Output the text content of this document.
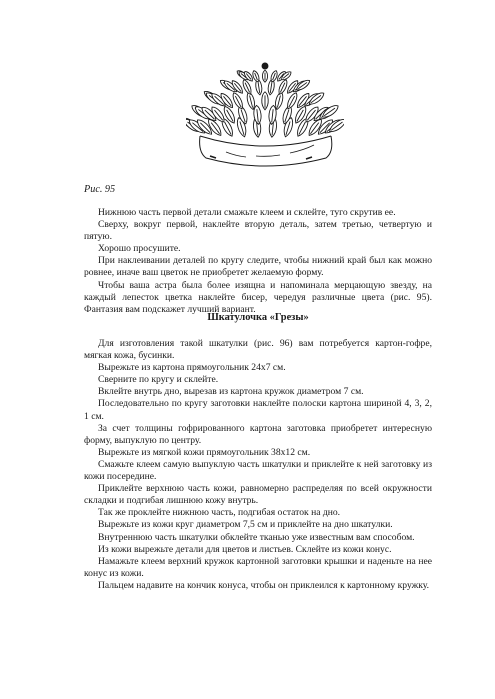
Рис. 95

Нижнюю часть первой детали смажьте клеем и склейте, туго скрутив ее.

Сверху, вокруг первой, наклейте вторую деталь, затем третью, четвертую и пятую.

Хорошо просушите.

При наклеивании деталей по кругу следите, чтобы нижний край был как можно ровнее, иначе ваш цветок не приобретет желаемую форму.

Чтобы ваша астра была более изящна и напоминала мерцающую звезду, на каждый лепесток цветка наклейте бисер, чередуя различные цвета (рис. 95). Фантазия вам подскажет лучший вариант.

Шкатулочка «Грезы»

Для изготовления такой шкатулки (рис. 96) вам потребуется картон-гофре, мягкая кожа, бусинки.

Вырежьте из картона прямоугольник 24x7 см.

Сверните по кругу и склейте.

Вклейте внутрь дно, вырезав из картона кружок диаметром 7 см.

Последовательно по кругу заготовки наклейте полоски картона шириной 4, 3, 2, 1 см.

За счет толщины гофрированного картона заготовка приобретет интересную форму, выпуклую по центру.

Вырежьте из мягкой кожи прямоугольник 38x12 см.

Смажьте клеем самую выпуклую часть шкатулки и приклейте к ней заготовку из кожи посередине.

Приклейте верхнюю часть кожи, равномерно распределяя по всей окружности складки и подгибая лишнюю кожу внутрь.

Так же проклейте нижнюю часть, подгибая остаток на дно.

Вырежьте из кожи круг диаметром 7,5 см и приклейте на дно шкатулки.

Внутреннюю часть шкатулки обклейте тканью уже известным вам способом.

Из кожи вырежьте детали для цветов и листьев. Склейте из кожи конус.

Намажьте клеем верхний кружок картонной заготовки крышки и наденьте на нее конус из кожи.

Пальцем надавите на кончик конуса, чтобы он приклеился к картонному кружку.
